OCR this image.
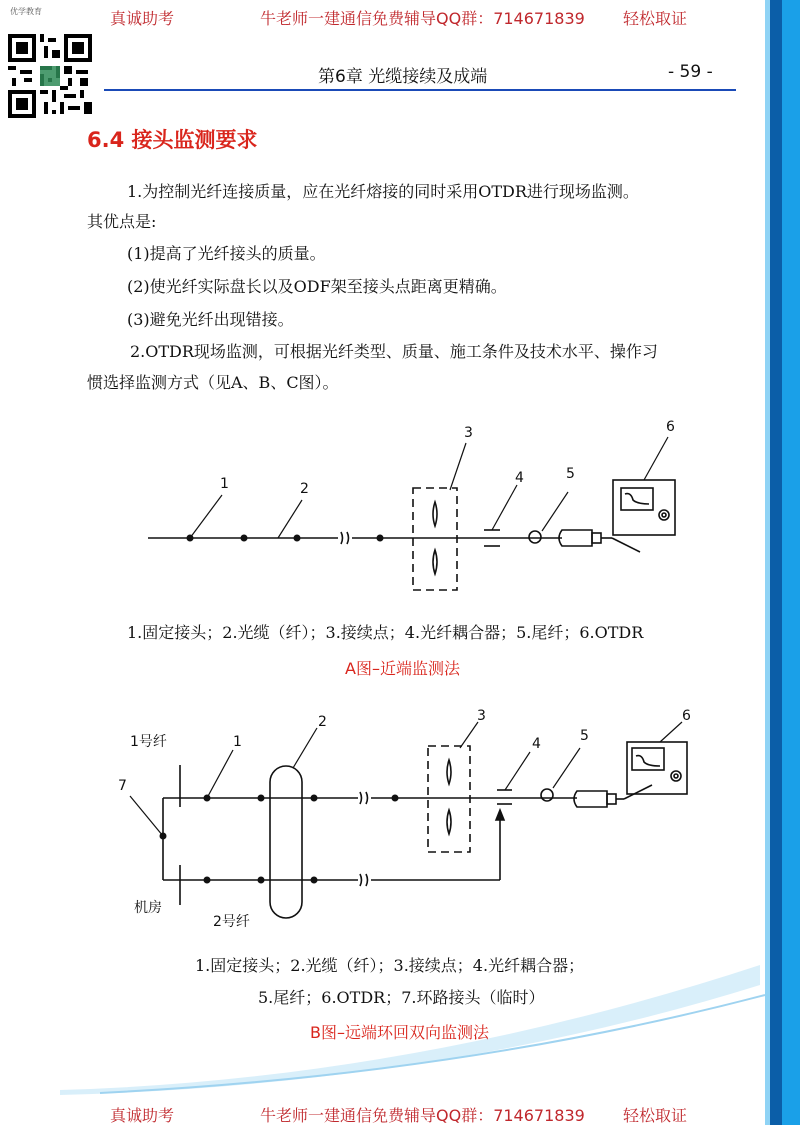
真诚助考	牛老师一建通信免费辅导QQ群：714671839 轻松取证
优学教育
第6章 光缆接续及成端	- 59 -
6.4 接头监测要求
1.为控制光纤连接质量，应在光纤熔接的同时采用OTDR进行现场监测。
其优点是:
(1)提高了光纤接头的质量。
(2)使光纤实际盘长以及ODF架至接头点距离更精确。
(3)避免光纤出现错接。
2.OTDR现场监测，可根据光纤类型、质量、施工条件及技术水平、操作习
惯选择监测方式（见A、B、C图）。
1	2
3
4	5
6
1.固定接头；2.光缆（纤）；3.接续点；4.光纤耦合器；5.尾纤；6.OTDR
A图–近端监测法
1
2	3
4	5
6
7
1号纤
2号纤
机房
1.固定接头；2.光缆（纤）；3.接续点；4.光纤耦合器；
5.尾纤；6.OTDR；7.环路接头（临时）
B图–远端环回双向监测法
真诚助考	牛老师一建通信免费辅导QQ群：714671839 轻松取证
